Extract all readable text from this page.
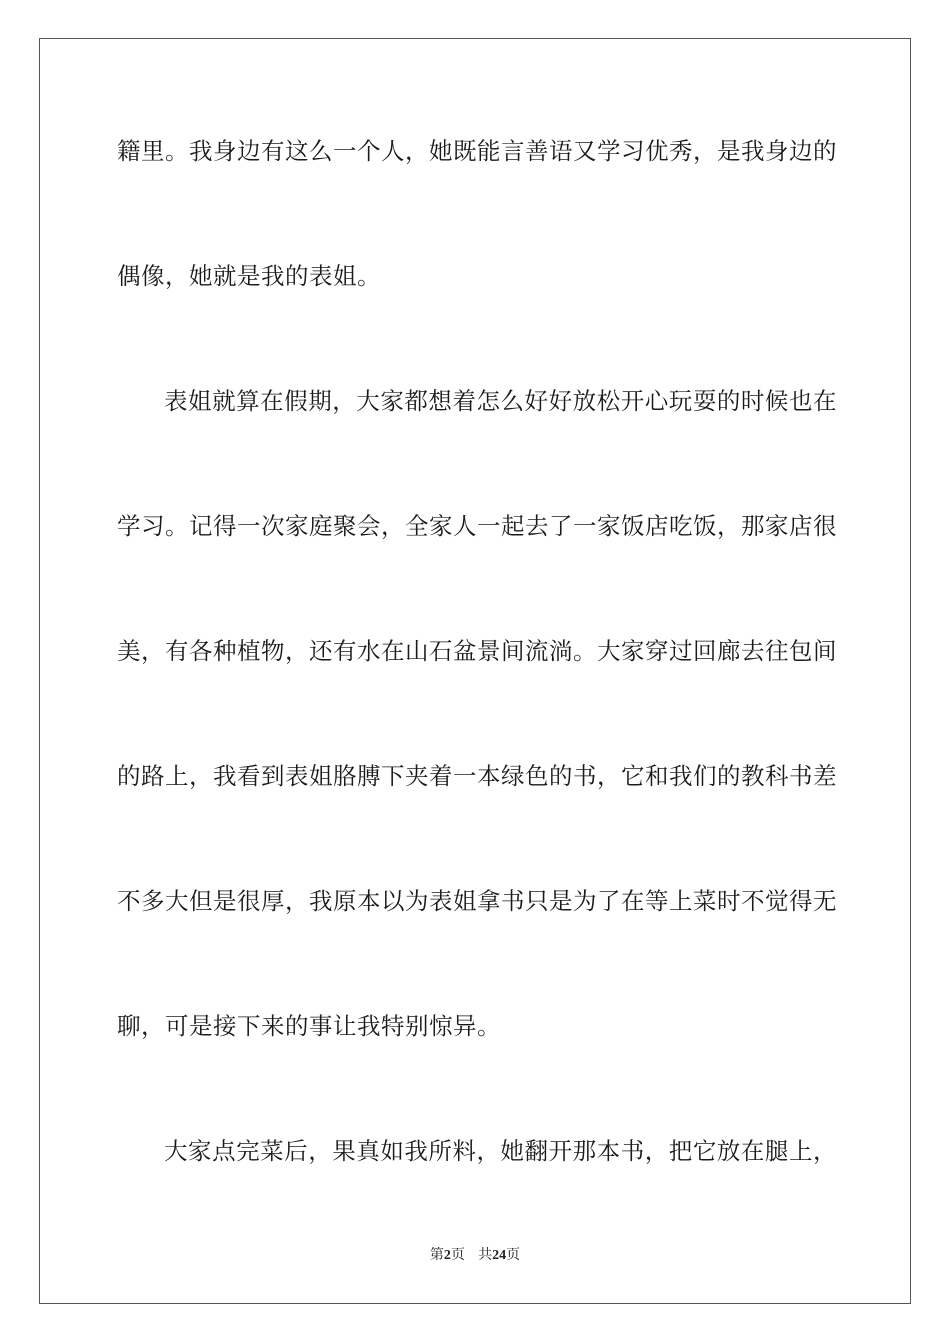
籍里。我身边有这么一个人，她既能言善语又学习优秀，是我身边的
偶像，她就是我的表姐。
表姐就算在假期，大家都想着怎么好好放松开心玩耍的时候也在
学习。记得一次家庭聚会，全家人一起去了一家饭店吃饭，那家店很
美，有各种植物，还有水在山石盆景间流淌。大家穿过回廊去往包间
的路上，我看到表姐胳膊下夹着一本绿色的书，它和我们的教科书差
不多大但是很厚，我原本以为表姐拿书只是为了在等上菜时不觉得无
聊，可是接下来的事让我特别惊异。
大家点完菜后，果真如我所料，她翻开那本书，把它放在腿上，
第2页 共24页
